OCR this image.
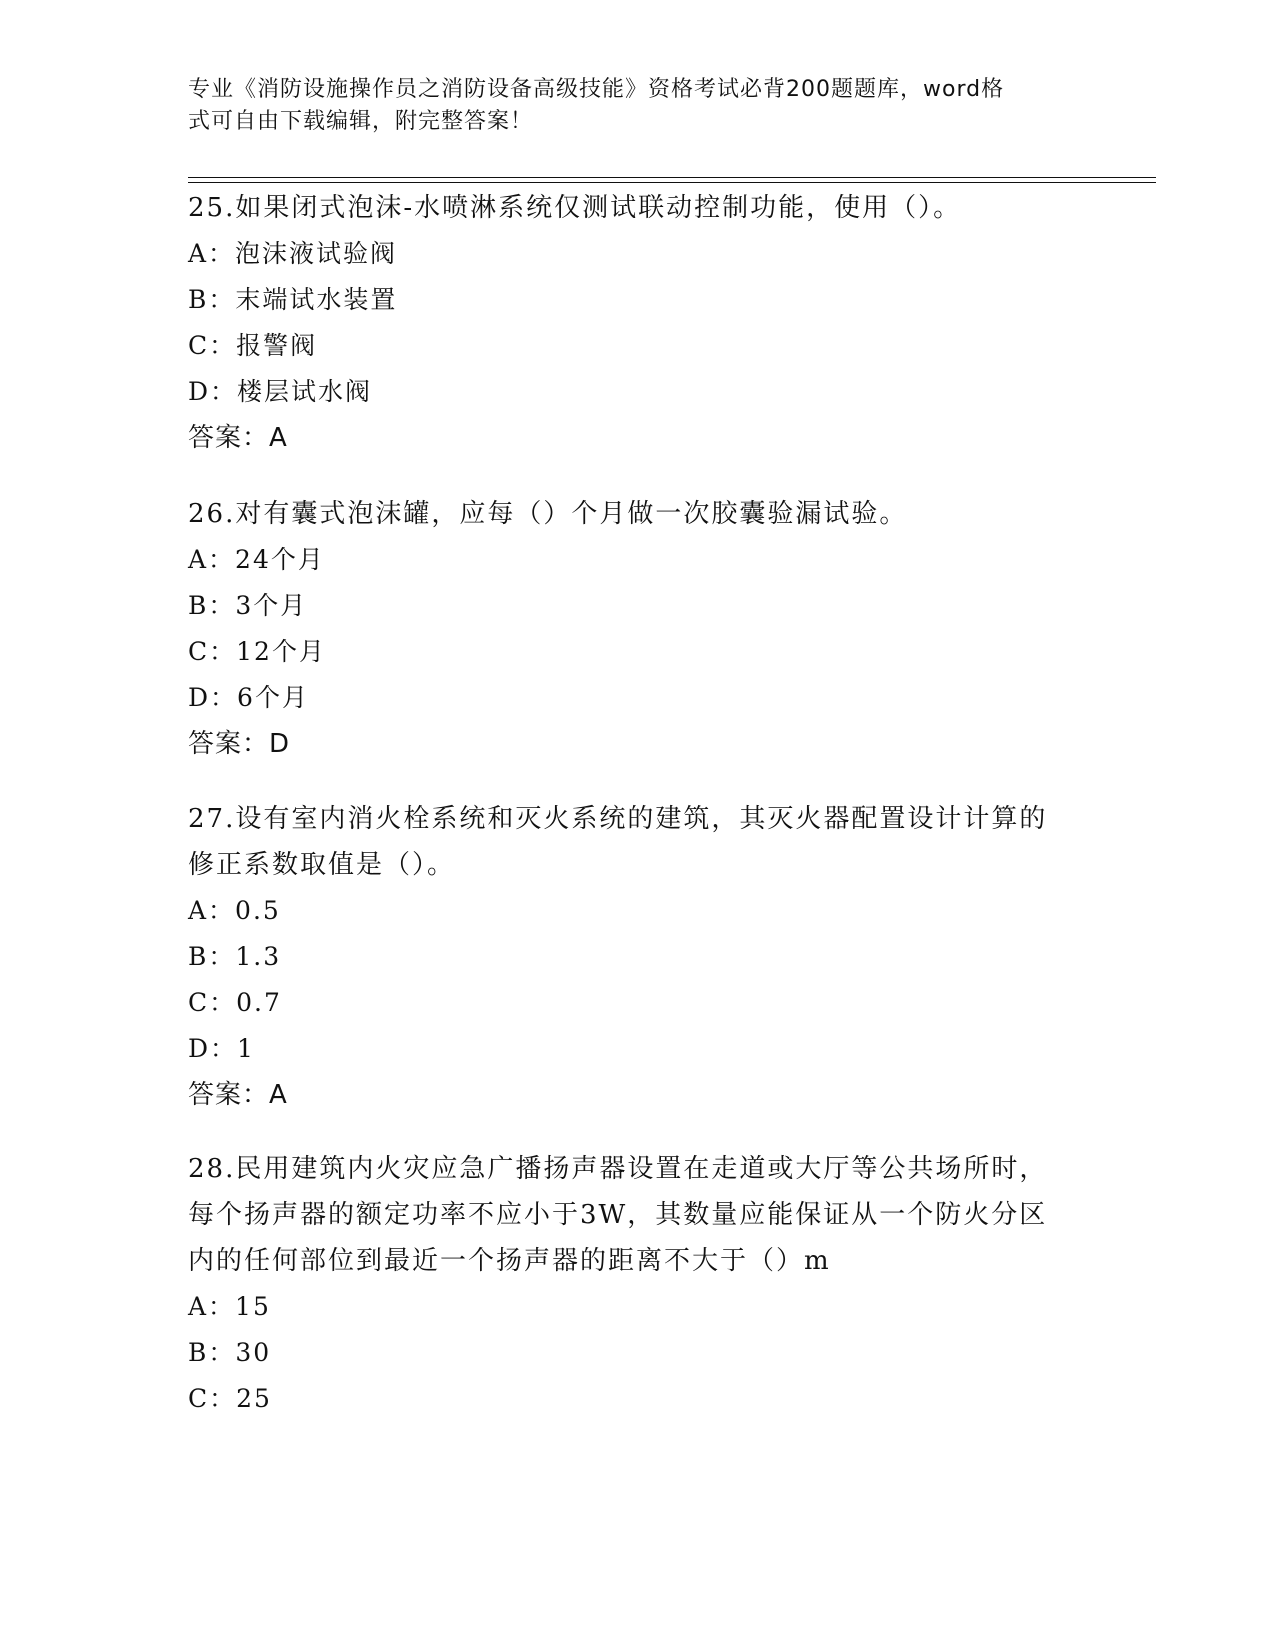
专业《消防设施操作员之消防设备高级技能》资格考试必背200题题库，word格
式可自由下载编辑，附完整答案！

25.如果闭式泡沫-水喷淋系统仅测试联动控制功能，使用（）。

A：泡沫液试验阀

B：末端试水装置

C：报警阀

D：楼层试水阀

答案：A

26.对有囊式泡沫罐，应每（）个月做一次胶囊验漏试验。

A：24个月

B：3个月

C：12个月

D：6个月

答案：D

27.设有室内消火栓系统和灭火系统的建筑，其灭火器配置设计计算的

修正系数取值是（）。

A：0.5

B：1.3

C：0.7

D：1

答案：A

28.民用建筑内火灾应急广播扬声器设置在走道或大厅等公共场所时，

每个扬声器的额定功率不应小于3W，其数量应能保证从一个防火分区

内的任何部位到最近一个扬声器的距离不大于（）m

A：15

B：30

C：25
